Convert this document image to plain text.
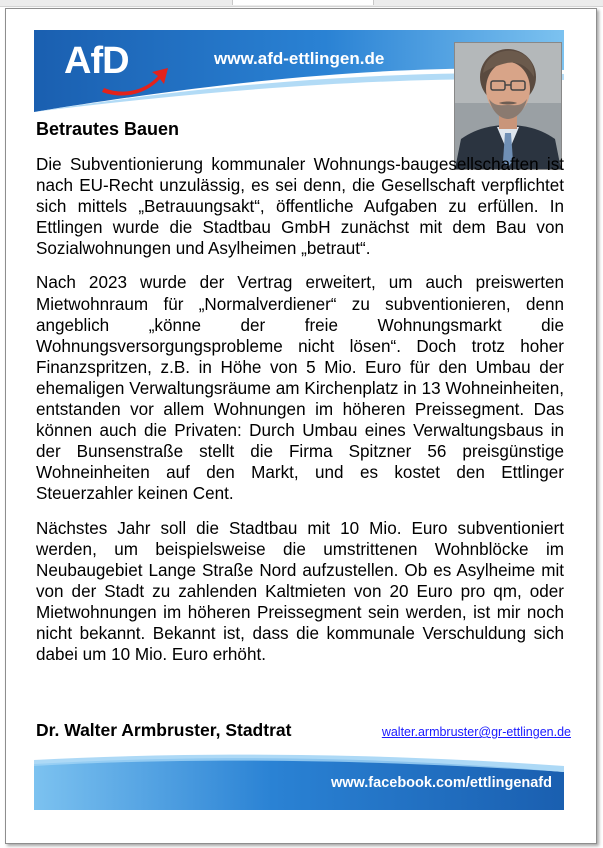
AfD	www.afd-ettlingen.de
Betrautes Bauen

Die Subventionierung kommunaler Wohnungs-baugesellschaften ist nach EU-Recht unzulässig, es sei denn, die Gesellschaft verpflichtet sich mittels „Betrauungsakt“, öffentliche Aufgaben zu erfüllen. In Ettlingen wurde die Stadtbau GmbH zunächst mit dem Bau von Sozialwohnungen und Asylheimen „betraut“.

Nach 2023 wurde der Vertrag erweitert, um auch preiswerten Mietwohnraum für „Normalverdiener“ zu subventionieren, denn angeblich „könne der freie Wohnungsmarkt die Wohnungsversorgungsprobleme nicht lösen“. Doch trotz hoher Finanzspritzen, z.B. in Höhe von 5 Mio. Euro für den Umbau der ehemaligen Verwaltungsräume am Kirchenplatz in 13 Wohneinheiten, entstanden vor allem Wohnungen im höheren Preissegment. Das können auch die Privaten: Durch Umbau eines Verwaltungsbaus in der Bunsenstraße stellt die Firma Spitzner 56 preisgünstige Wohneinheiten auf den Markt, und es kostet den Ettlinger Steuerzahler keinen Cent.

Nächstes Jahr soll die Stadtbau mit 10 Mio. Euro subventioniert werden, um beispielsweise die umstrittenen Wohnblöcke im Neubaugebiet Lange Straße Nord aufzustellen. Ob es Asylheime mit von der Stadt zu zahlenden Kaltmieten von 20 Euro pro qm, oder Mietwohnungen im höheren Preissegment sein werden, ist mir noch nicht bekannt. Bekannt ist, dass die kommunale Verschuldung sich dabei um 10 Mio. Euro erhöht.

Dr. Walter Armbruster, Stadtrat	walter.armbruster@gr-ettlingen.de
www.facebook.com/ettlingenafd
